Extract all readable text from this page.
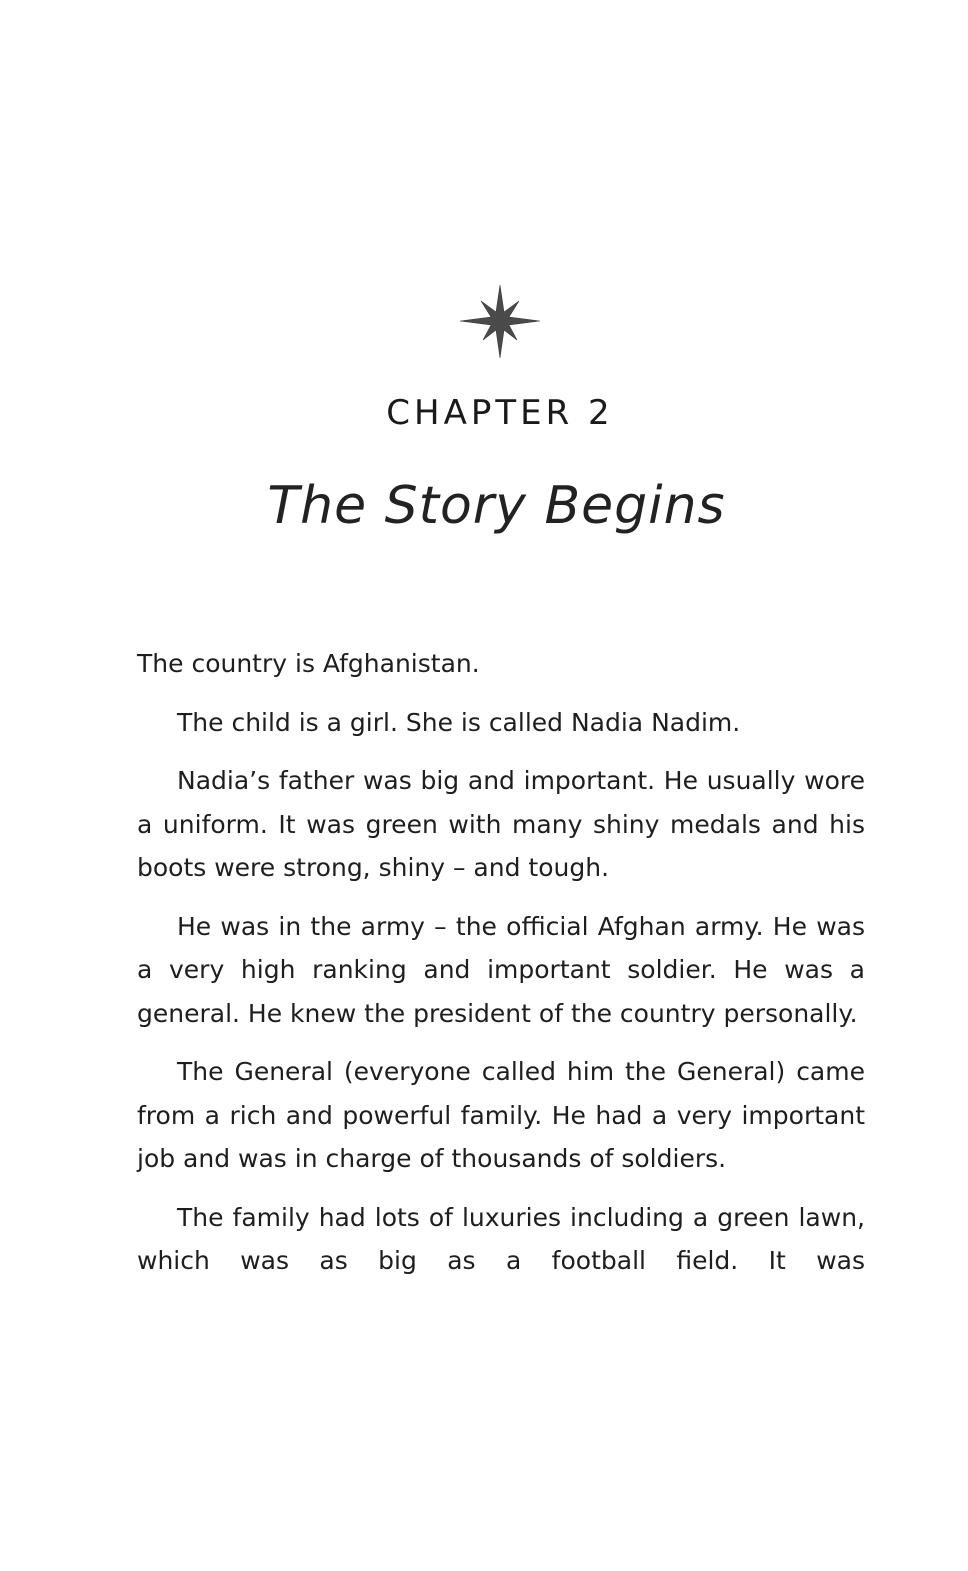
CHAPTER 2
The Story Begins

The country is Afghanistan.

The child is a girl. She is called Nadia Nadim.

Nadia’s father was big and important. He usually wore a uniform. It was green with many shiny medals and his boots were strong, shiny – and tough.

He was in the army – the official Afghan army. He was a very high ranking and important soldier. He was a general. He knew the president of the country personally.

The General (everyone called him the General) came from a rich and powerful family. He had a very important job and was in charge of thousands of soldiers.

The family had lots of luxuries including a green lawn, which was as big as a football field. It was
